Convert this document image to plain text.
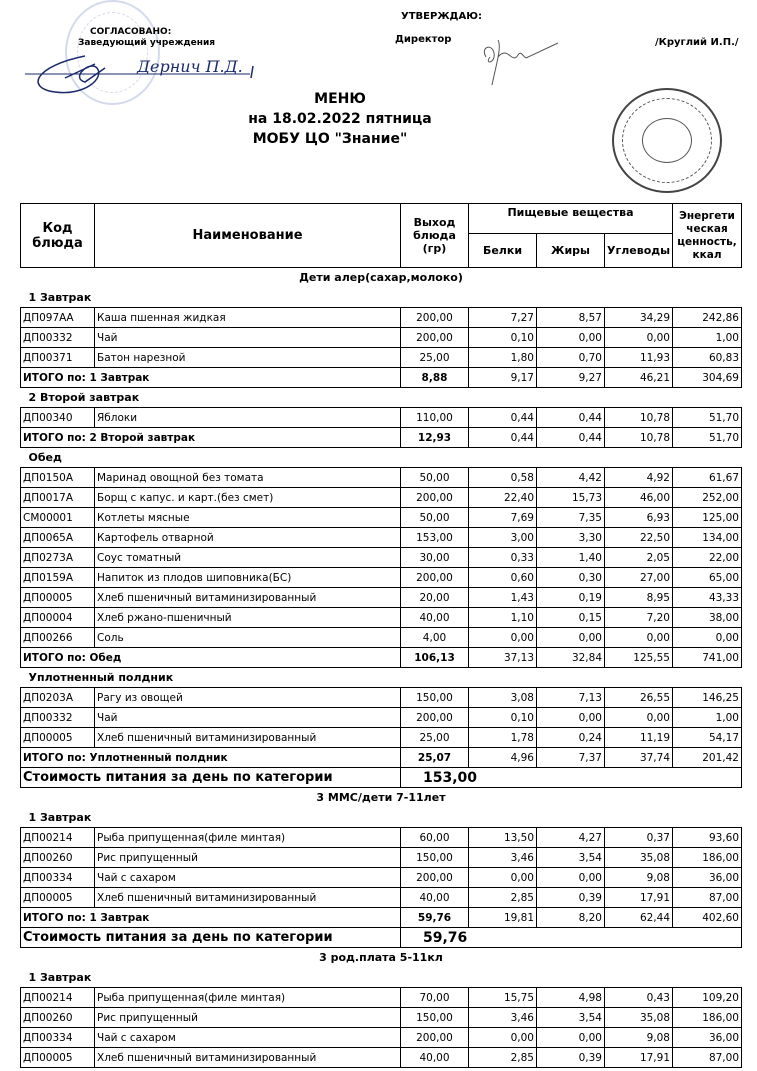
СОГЛАСОВАНО:
Заведующий учреждения
Дернич П.Д.
УТВЕРЖДАЮ:
Директор	/Круглий И.П./
МЕНЮ
на 18.02.2022 пятница
МОБУ ЦО "Знание"
Код блюда	Наименование	Выход блюда (гр)	Пищевые вещества			Энергети ческая ценность, ккал
			Белки	Жиры	Углеводы	
Дети алер(сахар,молоко)						
1 Завтрак						
ДП097АА	Каша пшенная жидкая	200,00	7,27	8,57	34,29	242,86
ДП00332	Чай	200,00	0,10	0,00	0,00	1,00
ДП00371	Батон нарезной	25,00	1,80	0,70	11,93	60,83
ИТОГО по: 1 Завтрак		8,88	9,17	9,27	46,21	304,69
2 Второй завтрак						
ДП00340	Яблоки	110,00	0,44	0,44	10,78	51,70
ИТОГО по: 2 Второй завтрак		12,93	0,44	0,44	10,78	51,70
Обед						
ДП0150А	Маринад овощной без томата	50,00	0,58	4,42	4,92	61,67
ДП0017А	Борщ с капус. и карт.(без смет)	200,00	22,40	15,73	46,00	252,00
СМ00001	Котлеты мясные	50,00	7,69	7,35	6,93	125,00
ДП0065А	Картофель отварной	153,00	3,00	3,30	22,50	134,00
ДП0273А	Соус томатный	30,00	0,33	1,40	2,05	22,00
ДП0159А	Напиток из плодов шиповника(БС)	200,00	0,60	0,30	27,00	65,00
ДП00005	Хлеб пшеничный витаминизированный	20,00	1,43	0,19	8,95	43,33
ДП00004	Хлеб ржано-пшеничный	40,00	1,10	0,15	7,20	38,00
ДП00266	Соль	4,00	0,00	0,00	0,00	0,00
ИТОГО по: Обед		106,13	37,13	32,84	125,55	741,00
Уплотненный полдник						
ДП0203А	Рагу из овощей	150,00	3,08	7,13	26,55	146,25
ДП00332	Чай	200,00	0,10	0,00	0,00	1,00
ДП00005	Хлеб пшеничный витаминизированный	25,00	1,78	0,24	11,19	54,17
ИТОГО по: Уплотненный полдник		25,07	4,96	7,37	37,74	201,42
Стоимость питания за день по категории		153,00				
3 ММС/дети 7-11лет						
1 Завтрак						
ДП00214	Рыба припущенная(филе минтая)	60,00	13,50	4,27	0,37	93,60
ДП00260	Рис припущенный	150,00	3,46	3,54	35,08	186,00
ДП00334	Чай с сахаром	200,00	0,00	0,00	9,08	36,00
ДП00005	Хлеб пшеничный витаминизированный	40,00	2,85	0,39	17,91	87,00
ИТОГО по: 1 Завтрак		59,76	19,81	8,20	62,44	402,60
Стоимость питания за день по категории		59,76				
3 род.плата 5-11кл						
1 Завтрак						
ДП00214	Рыба припущенная(филе минтая)	70,00	15,75	4,98	0,43	109,20
ДП00260	Рис припущенный	150,00	3,46	3,54	35,08	186,00
ДП00334	Чай с сахаром	200,00	0,00	0,00	9,08	36,00
ДП00005	Хлеб пшеничный витаминизированный	40,00	2,85	0,39	17,91	87,00
